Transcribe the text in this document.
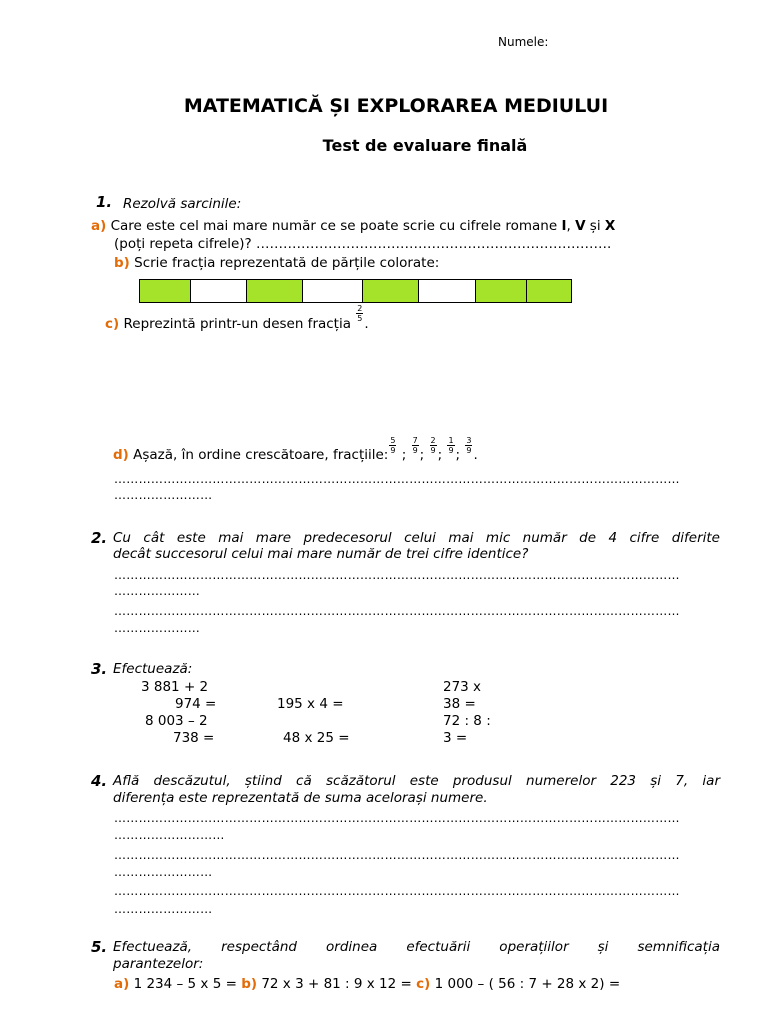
Numele:
MATEMATICĂ ȘI EXPLORAREA MEDIULUI
Test de evaluare finală
1. Rezolvă sarcinile:
a) Care este cel mai mare număr ce se poate scrie cu cifrele romane I, V și X
(poți repeta cifrele)? …………………………………………………………………….
b) Scrie fracția reprezentată de părțile colorate:
c) Reprezintă printr-un desen fracția
$\frac{2}{5}$
.
d) Așază, în ordine crescătoare, fracțiile:
$\frac{5}{9}$
;
$\frac{7}{9}$
;
$\frac{2}{9}$
;
$\frac{1}{9}$
;
$\frac{3}{9}$
.
…………………………………………………………………………………………………………………………
……………………
2. Cu cât este mai mare predecesorul celui mai mic număr de 4 cifre diferite
decât succesorul celui mai mare număr de trei cifre identice?
…………………………………………………………………………………………………………………………
…………………
…………………………………………………………………………………………………………………………
…………………
3. Efectuează:
3 881 + 2
974 =
8 003 – 2
738 =
195 x 4 =
48 x 25 =
273 x
38 =
72 : 8 :
3 =
4. Află descăzutul, știind că scăzătorul este produsul numerelor 223 și 7, iar
diferența este reprezentată de suma acelorași numere.
…………………………………………………………………………………………………………………………
………………………
…………………………………………………………………………………………………………………………
……………………
…………………………………………………………………………………………………………………………
……………………
5. Efectuează, respectând ordinea efectuării operațiilor și semnificația
parantezelor:
a) 1 234 – 5 x 5 = b) 72 x 3 + 81 : 9 x 12 = c) 1 000 – ( 56 : 7 + 28 x 2) =
